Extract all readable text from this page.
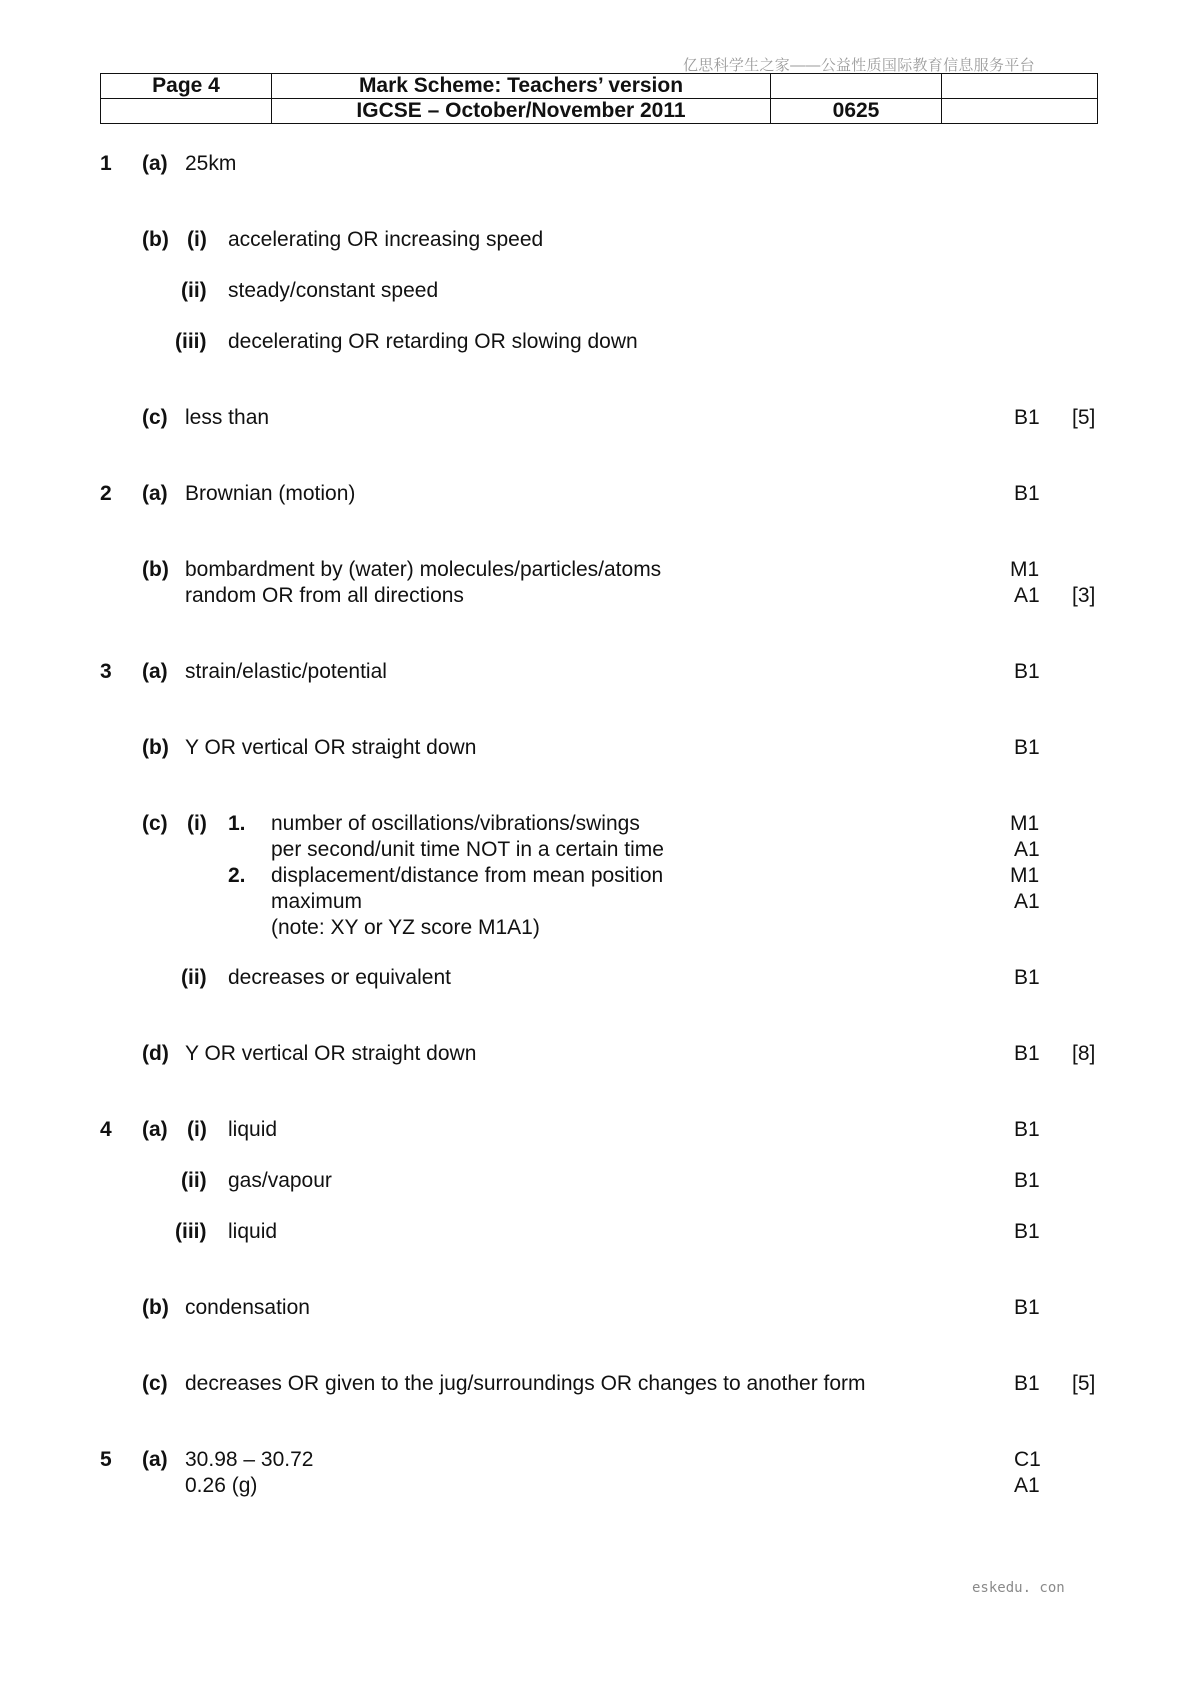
亿思科学生之家——公益性质国际教育信息服务平台
Page 4	Mark Scheme: Teachers’ version		
	IGCSE – October/November 2011	0625	
1 (a) 25km
(b) (i) accelerating OR increasing speed
(ii) steady/constant speed
(iii) decelerating OR retarding OR slowing down
(c) less than	B1 [5]
2 (a) Brownian (motion)	B1
(b) bombardment by (water) molecules/particles/atoms	M1
random OR from all directions	A1 [3]
3 (a) strain/elastic/potential	B1
(b) Y OR vertical OR straight down	B1
(c) (i) 1. number of oscillations/vibrations/swings	M1
per second/unit time NOT in a certain time	A1
2. displacement/distance from mean position	M1
maximum	A1
(note: XY or YZ score M1A1)
(ii) decreases or equivalent	B1
(d) Y OR vertical OR straight down	B1 [8]
4 (a) (i) liquid	B1
(ii) gas/vapour	B1
(iii) liquid	B1
(b) condensation	B1
(c) decreases OR given to the jug/surroundings OR changes to another form	B1 [5]
5 (a) 30.98 – 30.72	C1
0.26 (g)	A1
eskedu. con
